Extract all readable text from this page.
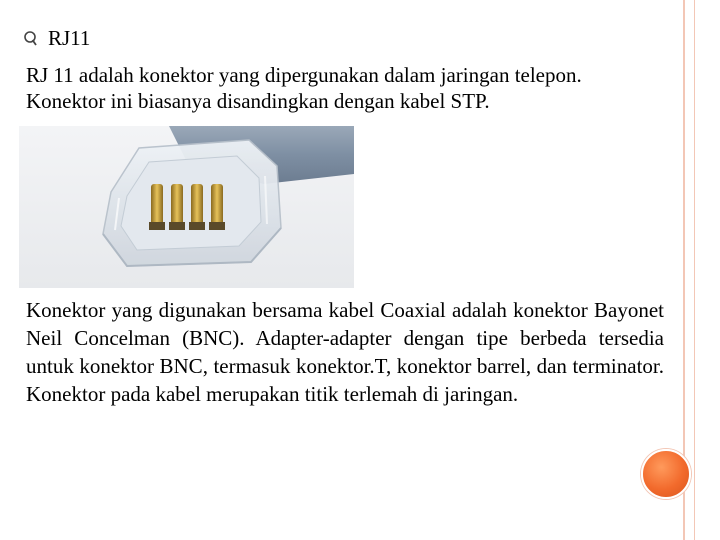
RJ11
RJ 11 adalah konektor yang dipergunakan dalam jaringan telepon.
Konektor ini biasanya disandingkan dengan kabel STP.
Konektor yang digunakan bersama kabel Coaxial adalah konektor Bayonet Neil Concelman (BNC). Adapter-adapter dengan tipe berbeda tersedia untuk konektor BNC, termasuk konektor.T, konektor barrel, dan terminator. Konektor pada kabel merupakan titik terlemah di jaringan.
